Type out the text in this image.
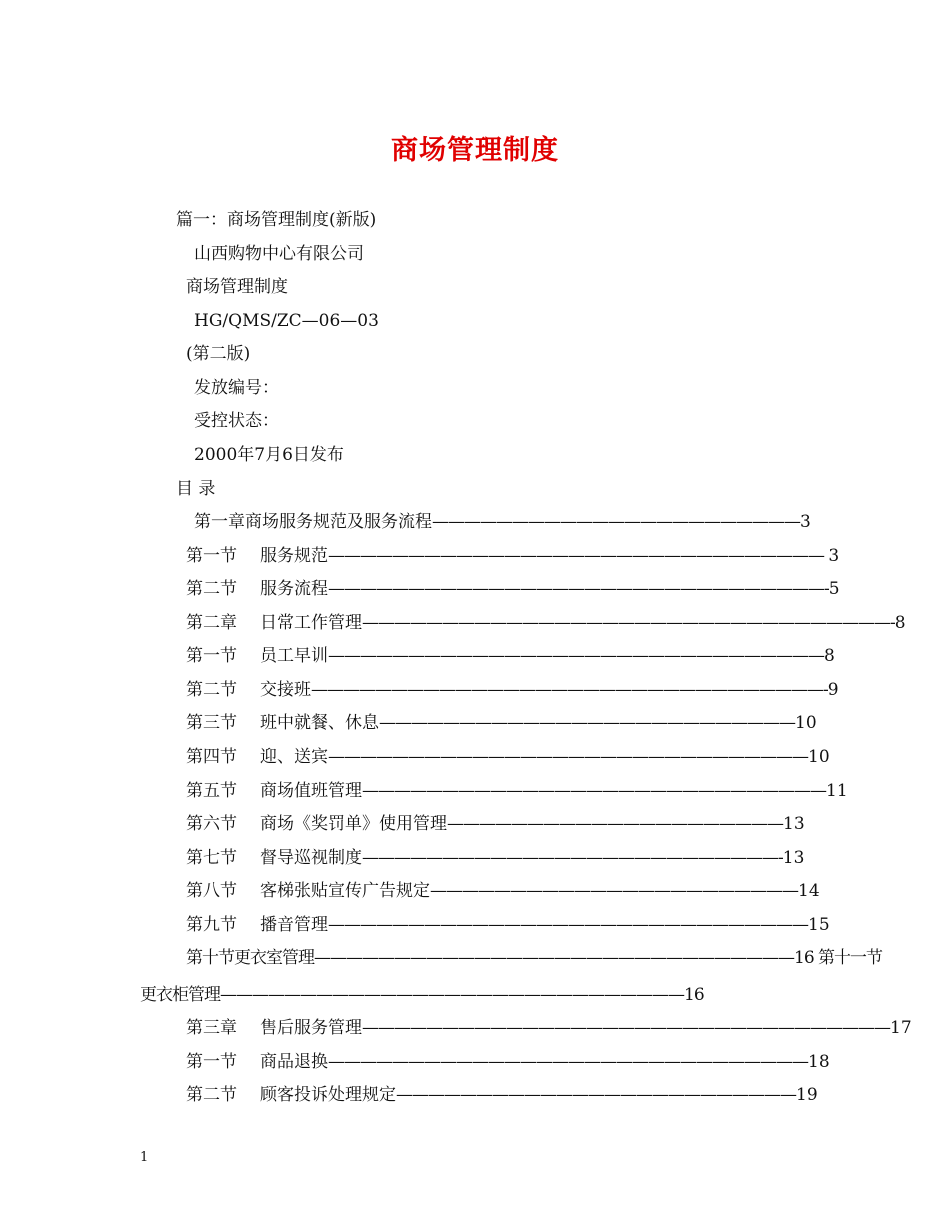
商场管理制度
篇一：商场管理制度(新版)
山西购物中心有限公司
商场管理制度
HG/QMS/ZC—06—03
(第二版)
发放编号：
受控状态：
2000年7月6日发布
目 录
第一章商场服务规范及服务流程———————————————————————3
第一节 服务规范——————————————————————————————— 3
第二节 服务流程———————————————————————————————-5
第二章 日常工作管理—————————————————————————————————-8
第一节 员工早训———————————————————————————————8
第二节 交接班————————————————————————————————-9
第三节 班中就餐、休息——————————————————————————10
第四节 迎、送宾——————————————————————————————10
第五节 商场值班管理—————————————————————————————11
第六节 商场《奖罚单》使用管理—————————————————————13
第七节 督导巡视制度——————————————————————————-13
第八节 客梯张贴宣传广告规定———————————————————————14
第九节 播音管理——————————————————————————————15
第十节更衣室管理——————————————————————————————16 第十一节
更衣柜管理—————————————————————————————16
第三章 售后服务管理—————————————————————————————————17
第一节 商品退换——————————————————————————————18
第二节 顾客投诉处理规定—————————————————————————19
1
